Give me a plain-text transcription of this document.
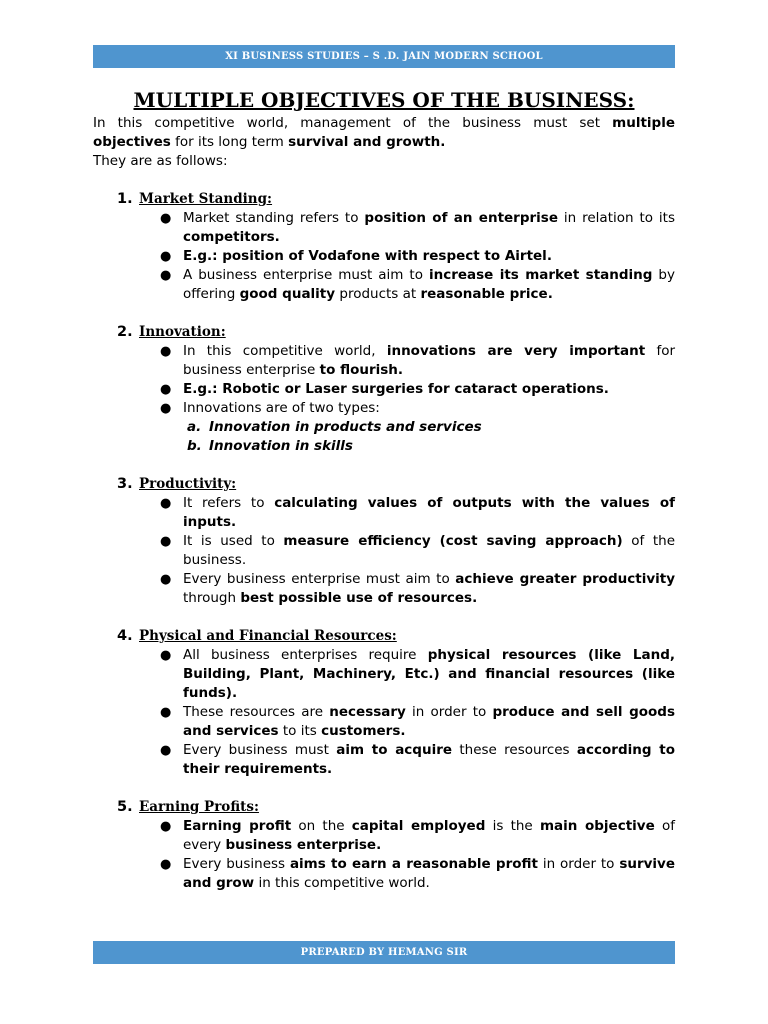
XI BUSINESS STUDIES – S .D. JAIN MODERN SCHOOL
MULTIPLE OBJECTIVES OF THE BUSINESS:

In this competitive world, management of the business must set multiple objectives for its long term survival and growth.

They are as follows:

1. Market Standing:
● Market standing refers to position of an enterprise in relation to its competitors.
● E.g.: position of Vodafone with respect to Airtel.
● A business enterprise must aim to increase its market standing by offering good quality products at reasonable price.
2. Innovation:
● In this competitive world, innovations are very important for business enterprise to flourish.
● E.g.: Robotic or Laser surgeries for cataract operations.
● Innovations are of two types:
a. Innovation in products and services
b. Innovation in skills
3. Productivity:
● It refers to calculating values of outputs with the values of inputs.
● It is used to measure efficiency (cost saving approach) of the business.
● Every business enterprise must aim to achieve greater productivity through best possible use of resources.
4. Physical and Financial Resources:
● All business enterprises require physical resources (like Land, Building, Plant, Machinery, Etc.) and financial resources (like funds).
● These resources are necessary in order to produce and sell goods and services to its customers.
● Every business must aim to acquire these resources according to their requirements.
5. Earning Profits:
● Earning profit on the capital employed is the main objective of every business enterprise.
● Every business aims to earn a reasonable profit in order to survive and grow in this competitive world.
PREPARED BY HEMANG SIR
